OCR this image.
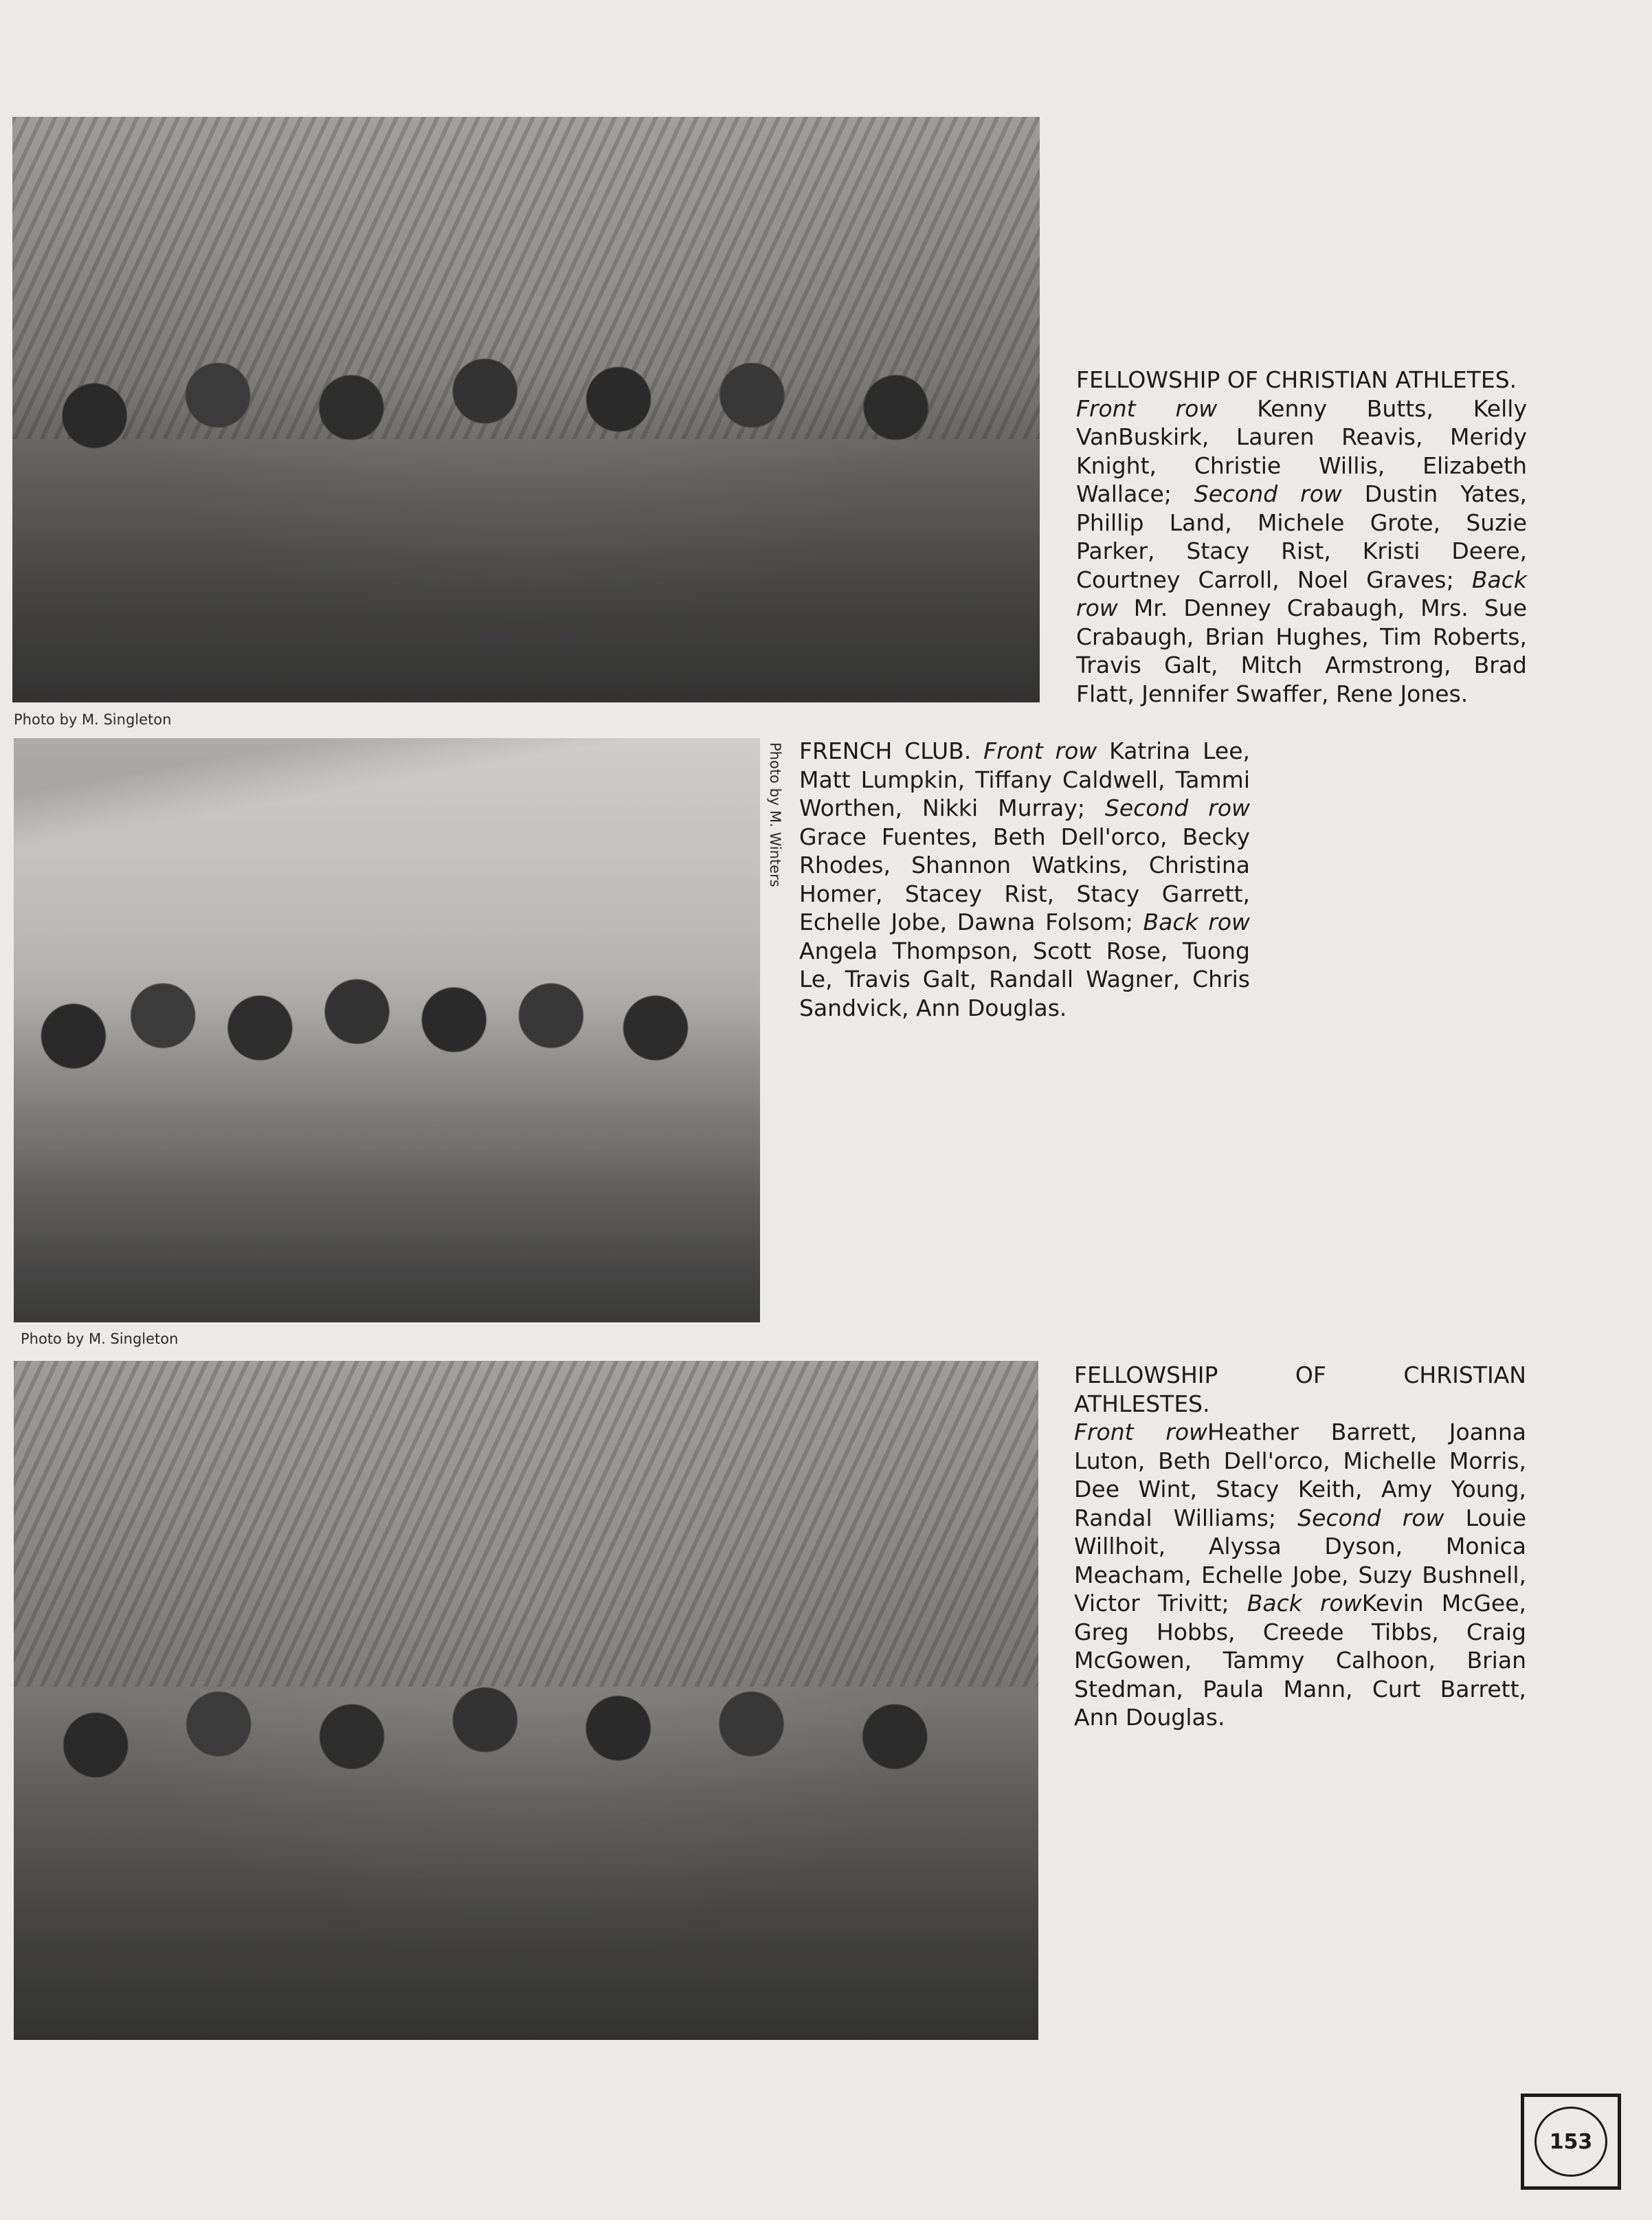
Photo by M. Singleton
FELLOWSHIP OF CHRISTIAN ATHLETES.
Front row Kenny Butts, Kelly VanBuskirk, Lauren Reavis, Meridy Knight, Christie Willis, Elizabeth Wallace; Second row Dustin Yates, Phillip Land, Michele Grote, Suzie Parker, Stacy Rist, Kristi Deere, Courtney Carroll, Noel Graves; Back row Mr. Denney Crabaugh, Mrs. Sue Crabaugh, Brian Hughes, Tim Roberts, Travis Galt, Mitch Armstrong, Brad Flatt, Jennifer Swaffer, Rene Jones.
Photo by M. Winters
Photo by M. Singleton
FRENCH CLUB. Front row Katrina Lee, Matt Lumpkin, Tiffany Caldwell, Tammi Worthen, Nikki Murray; Second row Grace Fuentes, Beth Dell'orco, Becky Rhodes, Shannon Watkins, Christina Homer, Stacey Rist, Stacy Garrett, Echelle Jobe, Dawna Folsom; Back row Angela Thompson, Scott Rose, Tuong Le, Travis Galt, Randall Wagner, Chris Sandvick, Ann Douglas.
FELLOWSHIP OF CHRISTIAN ATHLESTES.
Front rowHeather Barrett, Joanna Luton, Beth Dell'orco, Michelle Morris, Dee Wint, Stacy Keith, Amy Young, Randal Williams; Second row Louie Willhoit, Alyssa Dyson, Monica Meacham, Echelle Jobe, Suzy Bushnell, Victor Trivitt; Back rowKevin McGee, Greg Hobbs, Creede Tibbs, Craig McGowen, Tammy Calhoon, Brian Stedman, Paula Mann, Curt Barrett, Ann Douglas.
153
